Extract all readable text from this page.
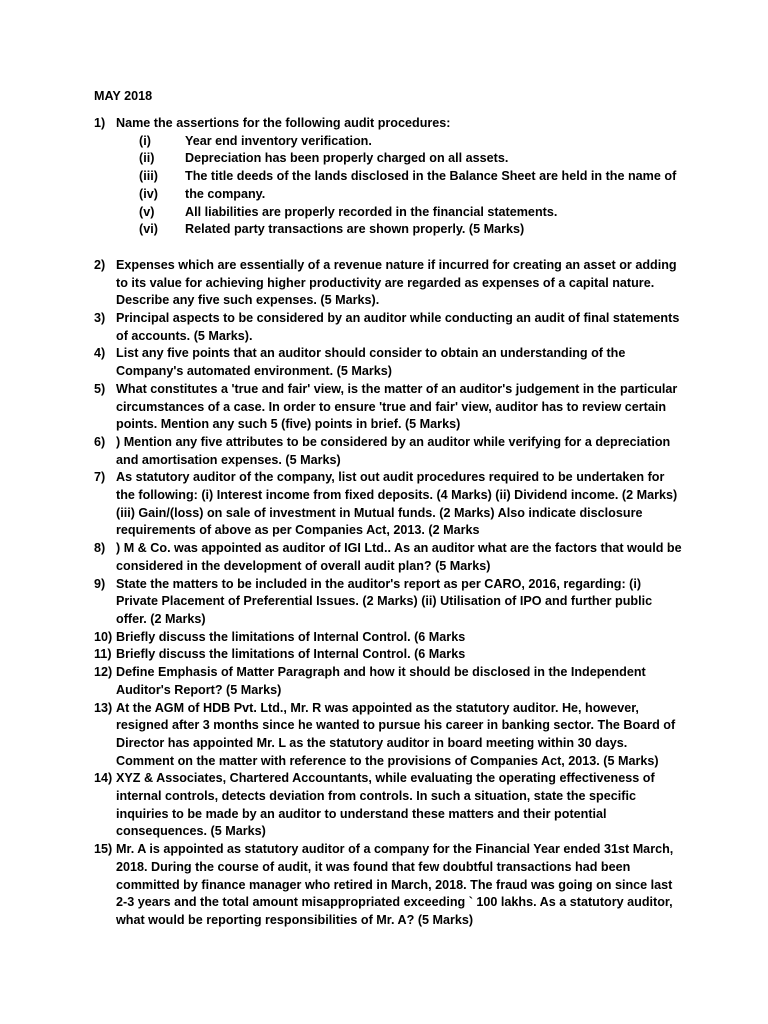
MAY 2018
1) Name the assertions for the following audit procedures:
(i)	Year end inventory verification.
(ii)	Depreciation has been properly charged on all assets.
(iii)	The title deeds of the lands disclosed in the Balance Sheet are held in the name of
(iv)	the company.
(v)	All liabilities are properly recorded in the financial statements.
(vi)	Related party transactions are shown properly. (5 Marks)
2) Expenses which are essentially of a revenue nature if incurred for creating an asset or adding to its value for achieving higher productivity are regarded as expenses of a capital nature. Describe any five such expenses. (5 Marks).
3) Principal aspects to be considered by an auditor while conducting an audit of final statements of accounts. (5 Marks).
4) List any five points that an auditor should consider to obtain an understanding of the Company's automated environment. (5 Marks)
5) What constitutes a 'true and fair' view, is the matter of an auditor's judgement in the particular circumstances of a case. In order to ensure 'true and fair' view, auditor has to review certain points. Mention any such 5 (five) points in brief. (5 Marks)
6) ) Mention any five attributes to be considered by an auditor while verifying for a depreciation and amortisation expenses. (5 Marks)
7) As statutory auditor of the company, list out audit procedures required to be undertaken for the following: (i) Interest income from fixed deposits. (4 Marks) (ii) Dividend income. (2 Marks) (iii) Gain/(loss) on sale of investment in Mutual funds. (2 Marks) Also indicate disclosure requirements of above as per Companies Act, 2013. (2 Marks
8) ) M & Co. was appointed as auditor of IGI Ltd.. As an auditor what are the factors that would be considered in the development of overall audit plan? (5 Marks)
9) State the matters to be included in the auditor's report as per CARO, 2016, regarding: (i) Private Placement of Preferential Issues. (2 Marks) (ii) Utilisation of IPO and further public offer. (2 Marks)
10) Briefly discuss the limitations of Internal Control. (6 Marks
11) Briefly discuss the limitations of Internal Control. (6 Marks
12) Define Emphasis of Matter Paragraph and how it should be disclosed in the Independent Auditor's Report? (5 Marks)
13) At the AGM of HDB Pvt. Ltd., Mr. R was appointed as the statutory auditor. He, however, resigned after 3 months since he wanted to pursue his career in banking sector. The Board of Director has appointed Mr. L as the statutory auditor in board meeting within 30 days. Comment on the matter with reference to the provisions of Companies Act, 2013. (5 Marks)
14) XYZ & Associates, Chartered Accountants, while evaluating the operating effectiveness of internal controls, detects deviation from controls. In such a situation, state the specific inquiries to be made by an auditor to understand these matters and their potential consequences. (5 Marks)
15) Mr. A is appointed as statutory auditor of a company for the Financial Year ended 31st March, 2018. During the course of audit, it was found that few doubtful transactions had been committed by finance manager who retired in March, 2018. The fraud was going on since last 2-3 years and the total amount misappropriated exceeding ` 100 lakhs. As a statutory auditor, what would be reporting responsibilities of Mr. A? (5 Marks)
